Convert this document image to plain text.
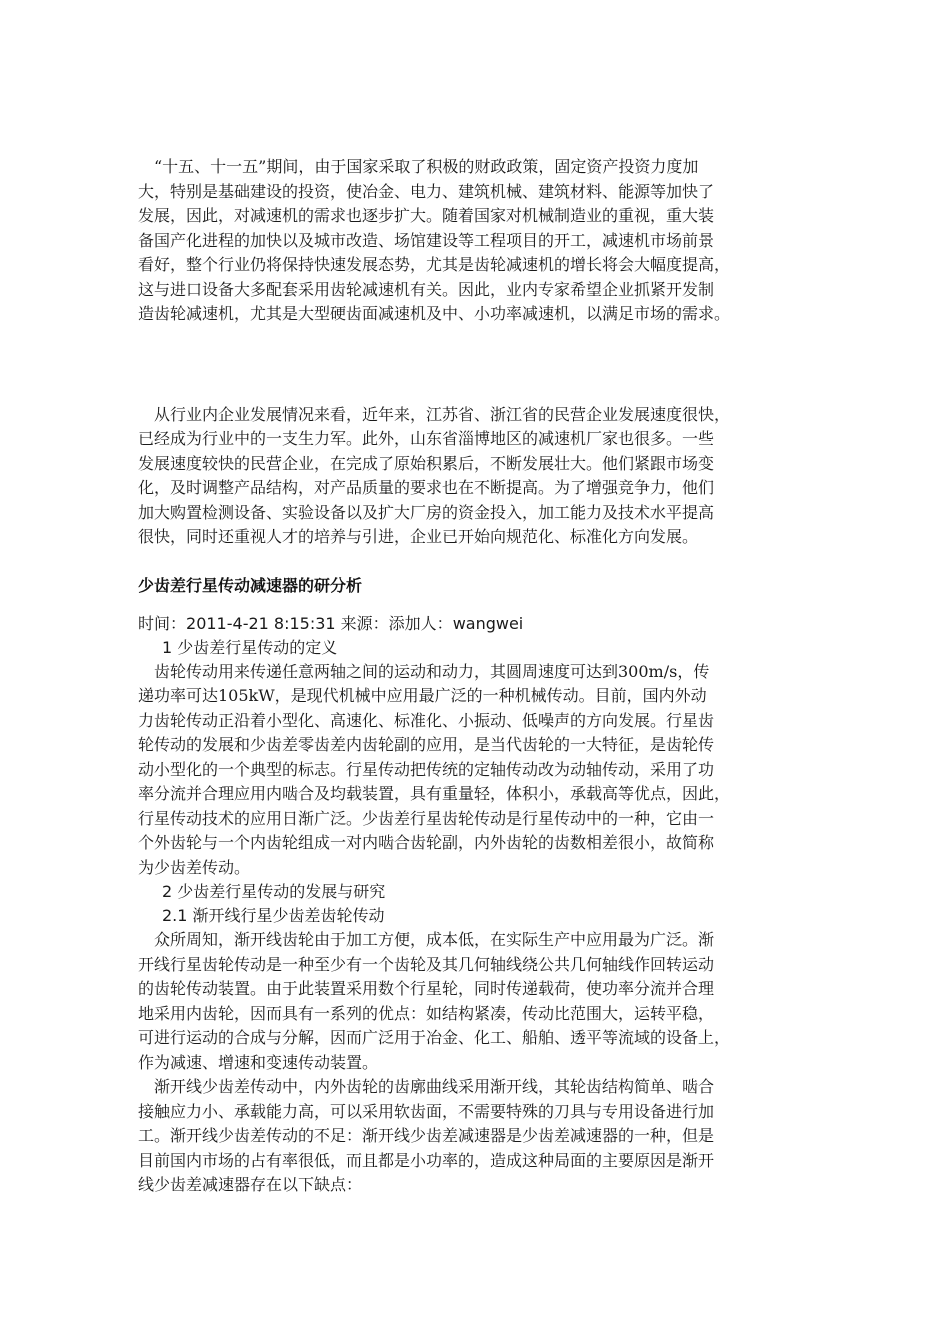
　“十五、十一五”期间，由于国家采取了积极的财政政策，固定资产投资力度加
大，特别是基础建设的投资，使冶金、电力、建筑机械、建筑材料、能源等加快了
发展，因此，对减速机的需求也逐步扩大。随着国家对机械制造业的重视，重大装
备国产化进程的加快以及城市改造、场馆建设等工程项目的开工，减速机市场前景
看好，整个行业仍将保持快速发展态势，尤其是齿轮减速机的增长将会大幅度提高，
这与进口设备大多配套采用齿轮减速机有关。因此，业内专家希望企业抓紧开发制
造齿轮减速机，尤其是大型硬齿面减速机及中、小功率减速机，以满足市场的需求。
　从行业内企业发展情况来看，近年来，江苏省、浙江省的民营企业发展速度很快，
已经成为行业中的一支生力军。此外，山东省淄博地区的减速机厂家也很多。一些
发展速度较快的民营企业，在完成了原始积累后，不断发展壮大。他们紧跟市场变
化，及时调整产品结构，对产品质量的要求也在不断提高。为了增强竞争力，他们
加大购置检测设备、实验设备以及扩大厂房的资金投入，加工能力及技术水平提高
很快，同时还重视人才的培养与引进，企业已开始向规范化、标准化方向发展。
少齿差行星传动减速器的研分析
时间：2011-4-21 8:15:31 来源：添加人：wangwei
1 少齿差行星传动的定义
　齿轮传动用来传递任意两轴之间的运动和动力，其圆周速度可达到300m/s，传
递功率可达105kW，是现代机械中应用最广泛的一种机械传动。目前，国内外动
力齿轮传动正沿着小型化、高速化、标准化、小振动、低噪声的方向发展。行星齿
轮传动的发展和少齿差零齿差内齿轮副的应用，是当代齿轮的一大特征，是齿轮传
动小型化的一个典型的标志。行星传动把传统的定轴传动改为动轴传动，采用了功
率分流并合理应用内啮合及均载装置，具有重量轻，体积小，承载高等优点，因此，
行星传动技术的应用日渐广泛。少齿差行星齿轮传动是行星传动中的一种，它由一
个外齿轮与一个内齿轮组成一对内啮合齿轮副，内外齿轮的齿数相差很小，故简称
为少齿差传动。
2 少齿差行星传动的发展与研究
2.1 渐开线行星少齿差齿轮传动
　众所周知，渐开线齿轮由于加工方便，成本低，在实际生产中应用最为广泛。渐
开线行星齿轮传动是一种至少有一个齿轮及其几何轴线绕公共几何轴线作回转运动
的齿轮传动装置。由于此装置采用数个行星轮，同时传递载荷，使功率分流并合理
地采用内齿轮，因而具有一系列的优点：如结构紧凑，传动比范围大，运转平稳，
可进行运动的合成与分解，因而广泛用于冶金、化工、船舶、透平等流域的设备上，
作为减速、增速和变速传动装置。
　渐开线少齿差传动中，内外齿轮的齿廓曲线采用渐开线，其轮齿结构简单、啮合
接触应力小、承载能力高，可以采用软齿面，不需要特殊的刀具与专用设备进行加
工。渐开线少齿差传动的不足：渐开线少齿差减速器是少齿差减速器的一种，但是
目前国内市场的占有率很低，而且都是小功率的，造成这种局面的主要原因是渐开
线少齿差减速器存在以下缺点：
